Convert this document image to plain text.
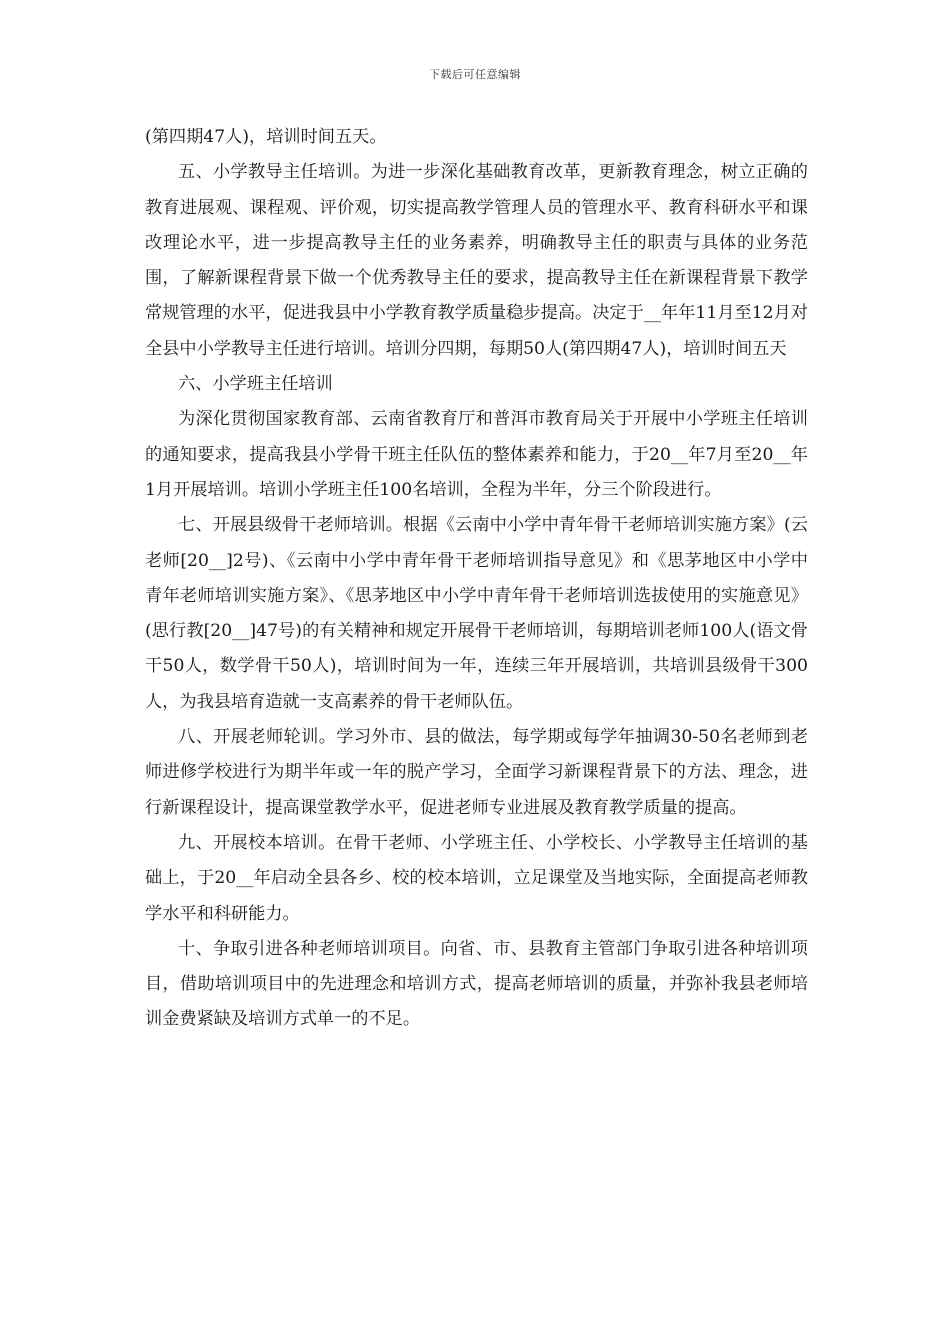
下载后可任意编辑

(第四期47人)，培训时间五天。

五、小学教导主任培训。为进一步深化基础教育改革，更新教育理念，树立正确的教育进展观、课程观、评价观，切实提高教学管理人员的管理水平、教育科研水平和课改理论水平，进一步提高教导主任的业务素养，明确教导主任的职责与具体的业务范围，了解新课程背景下做一个优秀教导主任的要求，提高教导主任在新课程背景下教学常规管理的水平，促进我县中小学教育教学质量稳步提高。决定于__年年11月至12月对全县中小学教导主任进行培训。培训分四期，每期50人(第四期47人)，培训时间五天

六、小学班主任培训

为深化贯彻国家教育部、云南省教育厅和普洱市教育局关于开展中小学班主任培训的通知要求，提高我县小学骨干班主任队伍的整体素养和能力，于20__年7月至20__年1月开展培训。培训小学班主任100名培训，全程为半年，分三个阶段进行。

七、开展县级骨干老师培训。根据《云南中小学中青年骨干老师培训实施方案》(云老师[20__]2号)、《云南中小学中青年骨干老师培训指导意见》和《思茅地区中小学中青年老师培训实施方案》、《思茅地区中小学中青年骨干老师培训选拔使用的实施意见》(思行教[20__]47号)的有关精神和规定开展骨干老师培训，每期培训老师100人(语文骨干50人，数学骨干50人)，培训时间为一年，连续三年开展培训，共培训县级骨干300人，为我县培育造就一支高素养的骨干老师队伍。

八、开展老师轮训。学习外市、县的做法，每学期或每学年抽调30-50名老师到老师进修学校进行为期半年或一年的脱产学习，全面学习新课程背景下的方法、理念，进行新课程设计，提高课堂教学水平，促进老师专业进展及教育教学质量的提高。

九、开展校本培训。在骨干老师、小学班主任、小学校长、小学教导主任培训的基础上，于20__年启动全县各乡、校的校本培训，立足课堂及当地实际，全面提高老师教学水平和科研能力。

十、争取引进各种老师培训项目。向省、市、县教育主管部门争取引进各种培训项目，借助培训项目中的先进理念和培训方式，提高老师培训的质量，并弥补我县老师培训金费紧缺及培训方式单一的不足。
